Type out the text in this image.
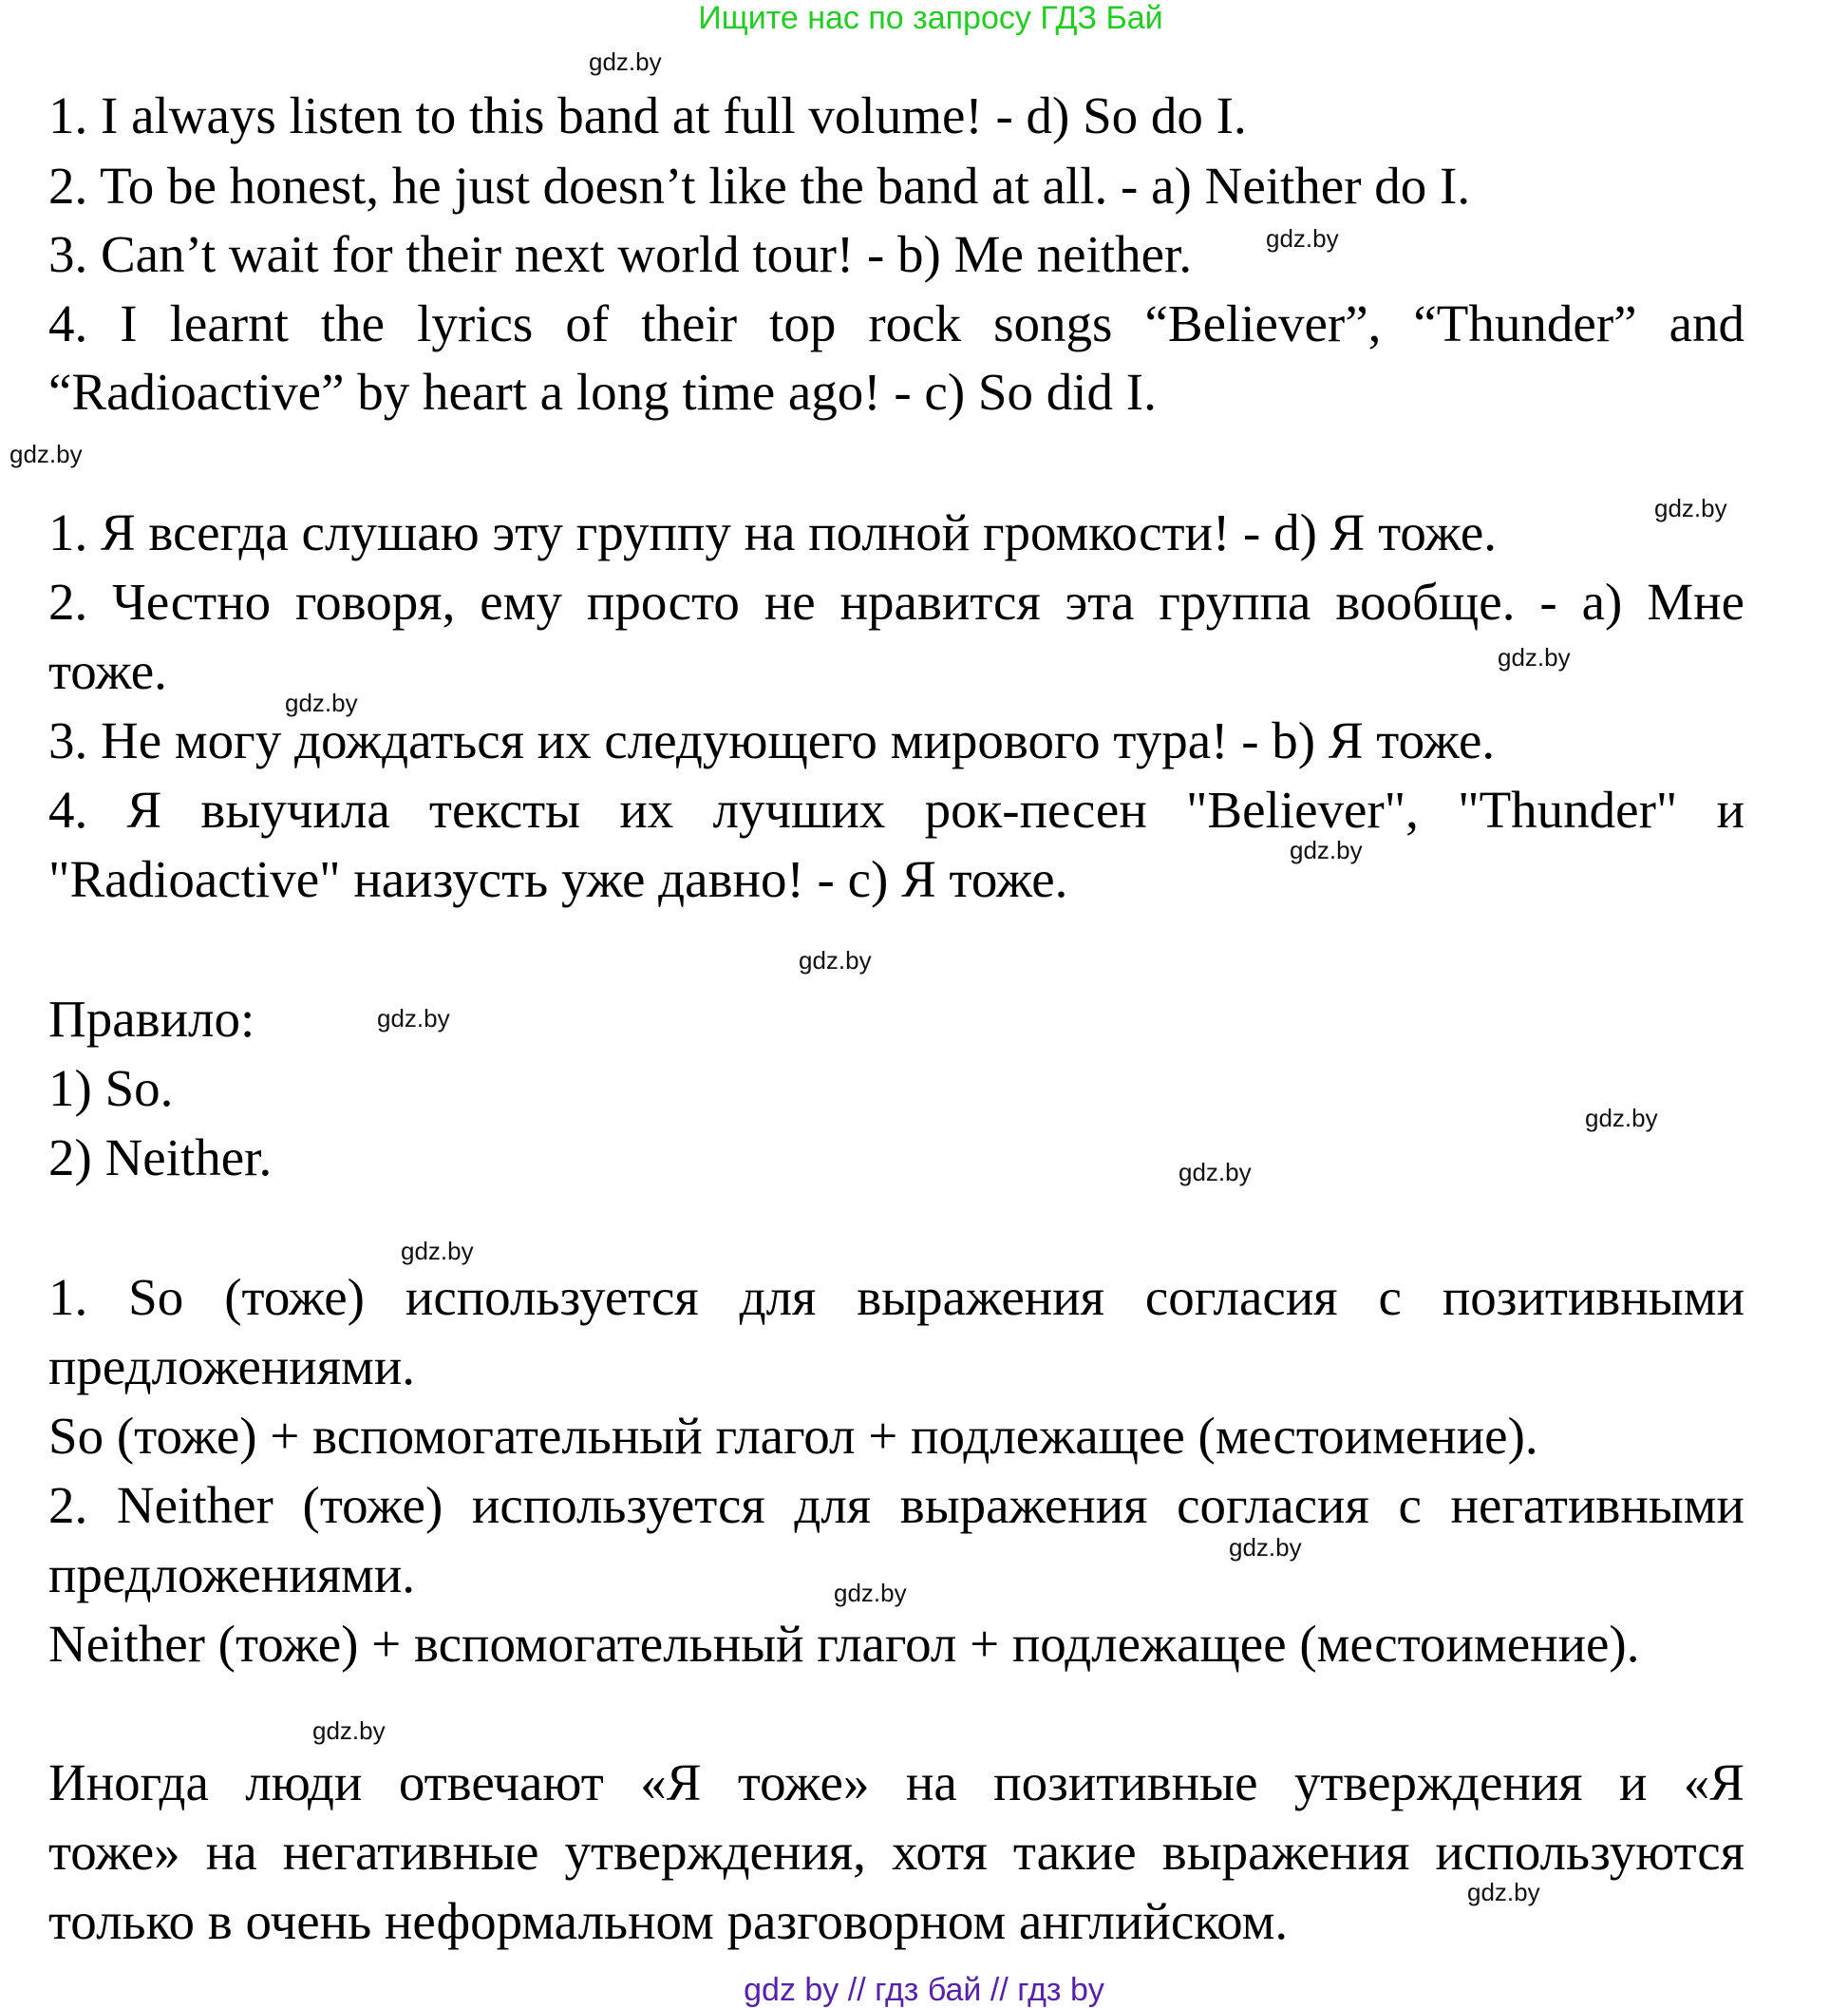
Ищите нас по запросу ГДЗ Бай
1. I always listen to this band at full volume! - d) So do I.
2. To be honest, he just doesn’t like the band at all. - a) Neither do I.
3. Can’t wait for their next world tour! - b) Me neither.
4. I learnt the lyrics of their top rock songs “Believer”, “Thunder” and
“Radioactive” by heart a long time ago! - c) So did I.
1. Я всегда слушаю эту группу на полной громкости! - d) Я тоже.
2. Честно говоря, ему просто не нравится эта группа вообще. - a) Мне
тоже.
3. Не могу дождаться их следующего мирового тура! - b) Я тоже.
4. Я выучила тексты их лучших рок-песен "Believer", "Thunder" и
"Radioactive" наизусть уже давно! - с) Я тоже.
Правило:
1) So.
2) Neither.
1. So (тоже) используется для выражения согласия с позитивными
предложениями.
So (тоже) + вспомогательный глагол + подлежащее (местоимение).
2. Neither (тоже) используется для выражения согласия с негативными
предложениями.
Neither (тоже) + вспомогательный глагол + подлежащее (местоимение).
Иногда люди отвечают «Я тоже» на позитивные утверждения и «Я
тоже» на негативные утверждения, хотя такие выражения используются
только в очень неформальном разговорном английском.
gdz.by
gdz.by
gdz.by
gdz.by
gdz.by
gdz.by
gdz.by
gdz.by
gdz.by
gdz.by
gdz.by
gdz.by
gdz.by
gdz.by
gdz.by
gdz.by
gdz by // гдз бай // гдз by
